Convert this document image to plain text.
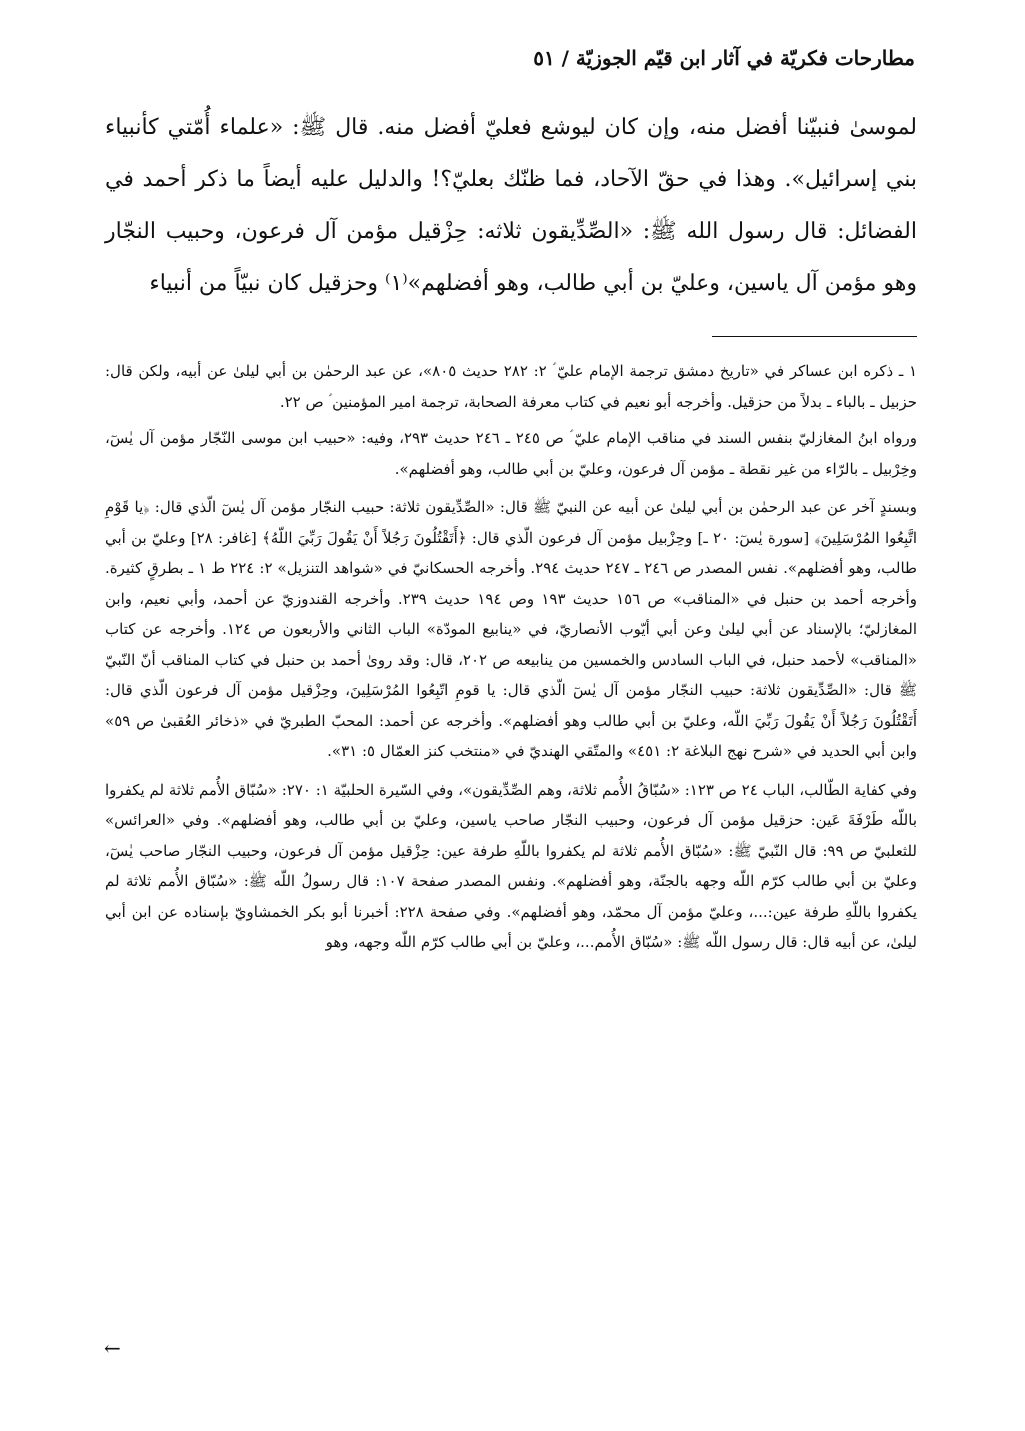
مطارحات فكريّة في آثار ابن قيّم الجوزيّة / ٥١

لموسىٰ فنبيّنا أفضل منه، وإن كان ليوشع فعليّ أفضل منه. قال ﷺ: «علماء أُمّتي كأنبياء بني إسرائيل». وهذا في حقّ الآحاد، فما ظنّك بعليّ؟! والدليل عليه أيضاً ما ذكر أحمد في الفضائل: قال رسول الله ﷺ: «الصِّدِّيقون ثلاثه: حِزْقيل مؤمن آل فرعون، وحبيب النجّار وهو مؤمن آل ياسين، وعليّ بن أبي طالب، وهو أفضلهم»⁽١⁾ وحزقيل كان نبيّاً من أنبياء

١ ـ ذكره ابن عساكر في «تاريخ دمشق ترجمة الإمام عليّ ؑ ٢: ٢٨٢ حديث ٨٠٥»، عن عبد الرحمٰن بن أبي ليلىٰ عن أبيه، ولكن قال: حزبيل ـ بالباء ـ بدلاً من حزقيل. وأخرجه أبو نعيم في كتاب معرفة الصحابة، ترجمة امير المؤمنين ؑ ص ٢٢.

ورواه ابنُ المغازليّ بنفس السند في مناقب الإمام عليّ ؑ ص ٢٤٥ ـ ٢٤٦ حديث ٢٩٣، وفيه: «حبيب ابن موسى النّجّار مؤمن آل يٰسٓ، وخِرْبيل ـ بالرّاء من غير نقطة ـ مؤمن آل فرعون، وعليّ بن أبي طالب، وهو أفضلهم».

وبسندٍ آخر عن عبد الرحمٰن بن أبي ليلىٰ عن أبيه عن النبيّ ﷺ قال: «الصِّدِّيقون ثلاثة: حبيب النجّار مؤمن آل يٰسٓ الّذي قال: ﴿يا قَوْمِ اتَّبِعُوا المُرْسَلِينَ﴾ [سورة يٰسٓ: ٢٠ ـ] وحِزْبيل مؤمن آل فرعون الّذي قال: ﴿أَتَقْتُلُونَ رَجُلاً أَنْ يَقُولَ رَبِّيَ اللّهُ﴾ [غافر: ٢٨] وعليّ بن أبي طالب، وهو أفضلهم». نفس المصدر ص ٢٤٦ ـ ٢٤٧ حديث ٢٩٤. وأخرجه الحسكانيّ في «شواهد التنزيل» ٢: ٢٢٤ ط ١ ـ بطرقٍ كثيرة. وأخرجه أحمد بن حنبل في «المناقب» ص ١٥٦ حديث ١٩٣ وص ١٩٤ حديث ٢٣٩. وأخرجه القندوزيّ عن أحمد، وأبي نعيم، وابن المغازليّ؛ بالإسناد عن أبي ليلىٰ وعن أبي أيّوب الأنصاريّ، في «ينابيع المودّة» الباب الثاني والأربعون ص ١٢٤. وأخرجه عن كتاب «المناقب» لأحمد حنبل، في الباب السادس والخمسين من ينابيعه ص ٢٠٢، قال: وقد روىٰ أحمد بن حنبل في كتاب المناقب أنّ النّبيّ ﷺ قال: «الصِّدِّيقون ثلاثة: حبيب النجّار مؤمن آل يٰسٓ الّذي قال: يا قومِ اتّبِعُوا المُرْسَلِينَ، وحِزْقيل مؤمن آل فرعون الّذي قال: أَتَقْتُلُونَ رَجُلاً أَنْ يَقُولَ رَبِّيَ اللّه، وعليّ بن أبي طالب وهو أفضلهم». وأخرجه عن أحمد: المحبّ الطبريّ في «ذخائر العُقبىٰ ص ٥٩» وابن أبي الحديد في «شرح نهج البلاغة ٢: ٤٥١» والمتّقي الهنديّ في «منتخب كنز العمّال ٥: ٣١».

وفي كفاية الطّالب، الباب ٢٤ ص ١٢٣: «سُبّاقُ الأُمم ثلاثة، وهم الصِّدِّيقون»، وفي السّيرة الحلبيّة ١: ٢٧٠: «سُبّاق الأُمم ثلاثة لم يكفروا باللّه طَرْفَةَ عَين: حزقيل مؤمن آل فرعون، وحبيب النجّار صاحب ياسين، وعليّ بن أبي طالب، وهو أفضلهم». وفي «العرائس» للثعلبيّ ص ٩٩: قال النّبيّ ﷺ: «سُبّاق الأُمم ثلاثة لم يكفروا باللّهِ طرفة عين: حِزْقيل مؤمن آل فرعون، وحبيب النجّار صاحب يٰسٓ، وعليّ بن أبي طالب كرّم اللّه وجهه بالجنّة، وهو أفضلهم». ونفس المصدر صفحة ١٠٧: قال رسولُ اللّه ﷺ: «سُبّاق الأُمم ثلاثة لم يكفروا باللّهِ طرفة عين:...، وعليّ مؤمن آل محمّد، وهو أفضلهم». وفي صفحة ٢٢٨: أخبرنا أبو بكر الخمشاويّ بإسناده عن ابن أبي ليلىٰ، عن أبيه قال: قال رسول اللّه ﷺ: «سُبّاق الأُمم...، وعليّ بن أبي طالب كرّم اللّه وجهه، وهو

←
